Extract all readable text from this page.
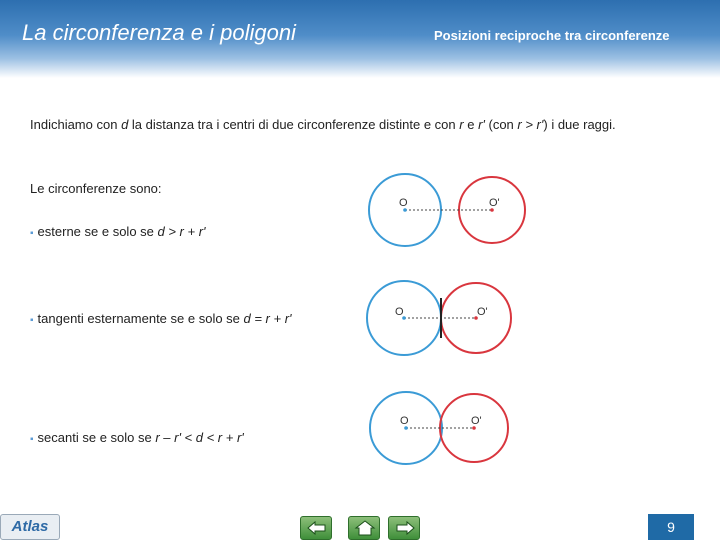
La circonferenza e i poligoni	Posizioni reciproche tra circonferenze
Indichiamo con d la distanza tra i centri di due circonferenze distinte e con r e r' (con r > r') i due raggi.
Le circonferenze sono:
▪ esterne se e solo se d > r + r'
▪ tangenti esternamente se e solo se d = r + r'
▪ secanti se e solo se r – r' < d < r + r'
O	O'
O	O'
O	O'
Atlas	9
